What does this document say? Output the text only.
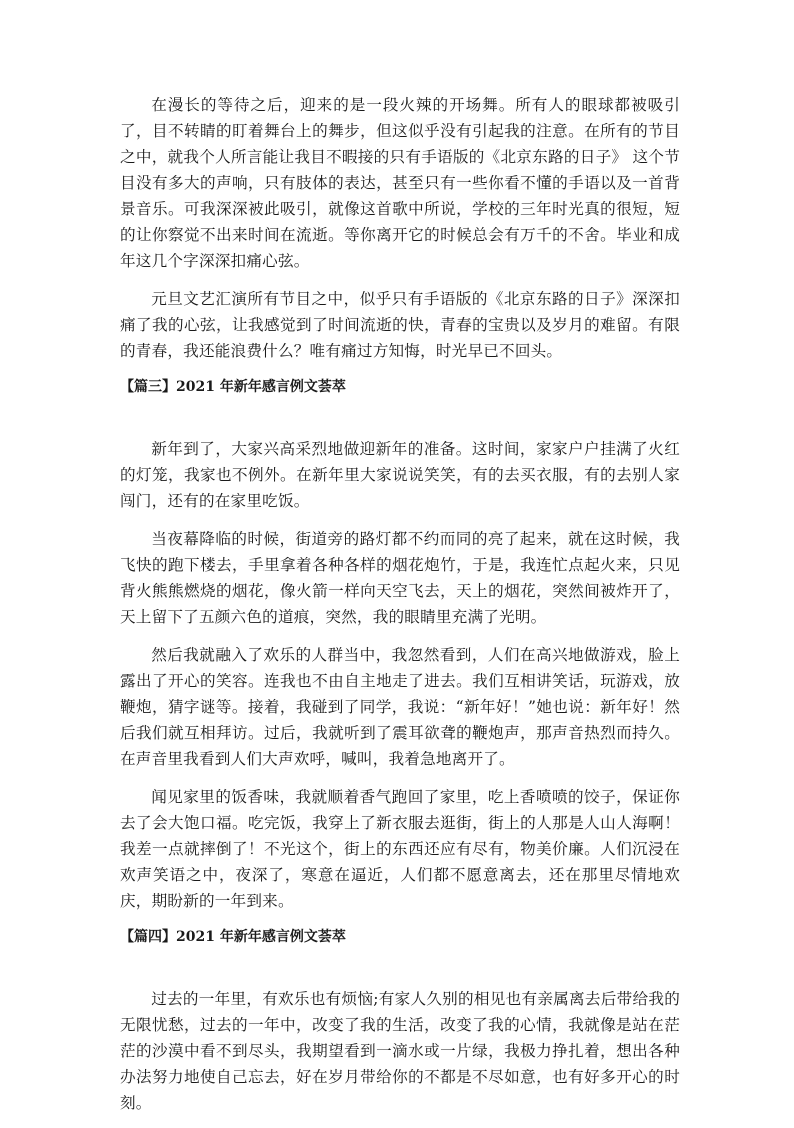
在漫长的等待之后，迎来的是一段火辣的开场舞。所有人的眼球都被吸引了，目不转睛的盯着舞台上的舞步，但这似乎没有引起我的注意。在所有的节目之中，就我个人所言能让我目不暇接的只有手语版的《北京东路的日子》 这个节目没有多大的声响，只有肢体的表达，甚至只有一些你看不懂的手语以及一首背景音乐。可我深深被此吸引，就像这首歌中所说，学校的三年时光真的很短，短的让你察觉不出来时间在流逝。等你离开它的时候总会有万千的不舍。毕业和成年这几个字深深扣痛心弦。

元旦文艺汇演所有节目之中，似乎只有手语版的《北京东路的日子》深深扣痛了我的心弦，让我感觉到了时间流逝的快，青春的宝贵以及岁月的难留。有限的青春，我还能浪费什么？唯有痛过方知悔，时光早已不回头。

【篇三】2021 年新年感言例文荟萃

新年到了，大家兴高采烈地做迎新年的准备。这时间，家家户户挂满了火红的灯笼，我家也不例外。在新年里大家说说笑笑，有的去买衣服，有的去别人家闯门，还有的在家里吃饭。

当夜幕降临的时候，街道旁的路灯都不约而同的亮了起来，就在这时候，我飞快的跑下楼去，手里拿着各种各样的烟花炮竹，于是，我连忙点起火来，只见背火熊熊燃烧的烟花，像火箭一样向天空飞去，天上的烟花，突然间被炸开了，天上留下了五颜六色的道痕，突然，我的眼睛里充满了光明。

然后我就融入了欢乐的人群当中，我忽然看到，人们在高兴地做游戏，脸上露出了开心的笑容。连我也不由自主地走了进去。我们互相讲笑话，玩游戏，放鞭炮，猜字谜等。接着，我碰到了同学，我说：“新年好！”她也说：新年好！然后我们就互相拜访。过后，我就听到了震耳欲聋的鞭炮声，那声音热烈而持久。在声音里我看到人们大声欢呼，喊叫，我着急地离开了。

闻见家里的饭香味，我就顺着香气跑回了家里，吃上香喷喷的饺子，保证你去了会大饱口福。吃完饭，我穿上了新衣服去逛街，街上的人那是人山人海啊！我差一点就摔倒了！不光这个，街上的东西还应有尽有，物美价廉。人们沉浸在欢声笑语之中，夜深了，寒意在逼近，人们都不愿意离去，还在那里尽情地欢庆，期盼新的一年到来。

【篇四】2021 年新年感言例文荟萃

过去的一年里，有欢乐也有烦恼;有家人久别的相见也有亲属离去后带给我的无限忧愁，过去的一年中，改变了我的生活，改变了我的心情，我就像是站在茫茫的沙漠中看不到尽头，我期望看到一滴水或一片绿，我极力挣扎着，想出各种办法努力地使自己忘去，好在岁月带给你的不都是不尽如意，也有好多开心的时刻。
